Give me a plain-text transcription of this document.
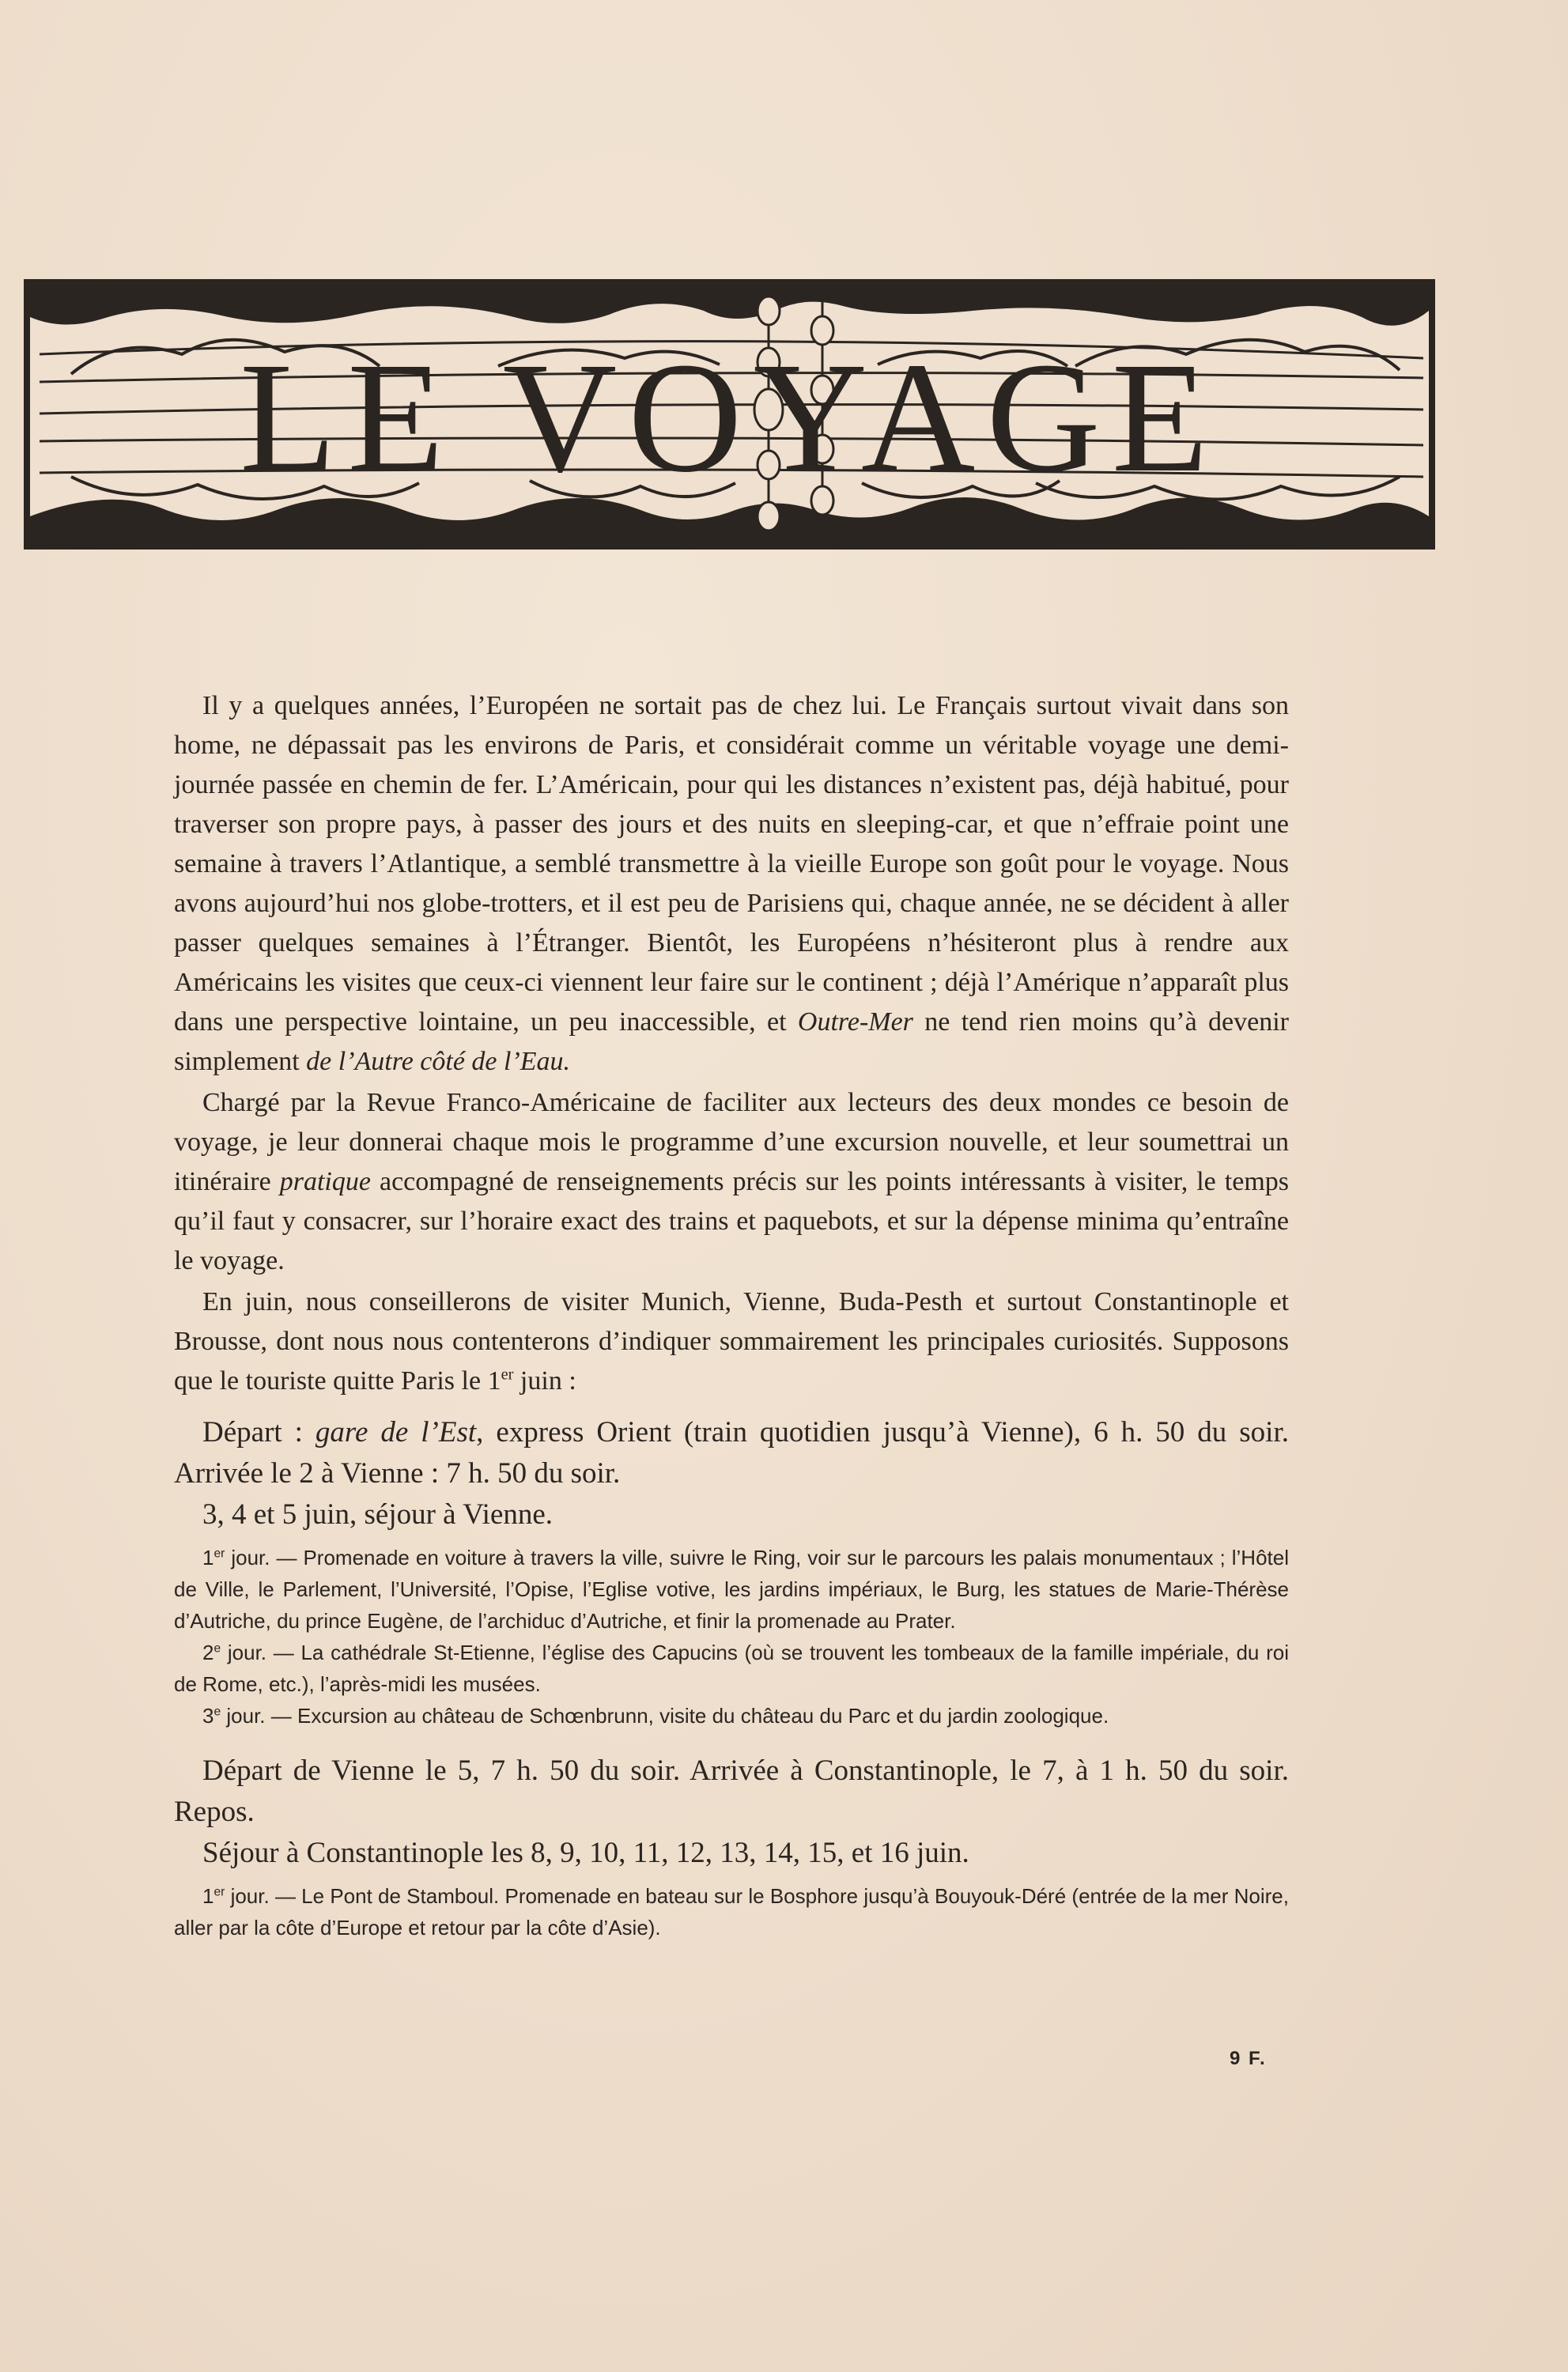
LE VOYAGE

Il y a quelques années, l’Européen ne sortait pas de chez lui. Le Français surtout vivait dans son home, ne dépassait pas les environs de Paris, et considérait comme un véritable voyage une demi-journée passée en chemin de fer. L’Américain, pour qui les distances n’existent pas, déjà habitué, pour traverser son propre pays, à passer des jours et des nuits en sleeping-car, et que n’effraie point une semaine à travers l’Atlantique, a semblé transmettre à la vieille Europe son goût pour le voyage. Nous avons aujourd’hui nos globe-trotters, et il est peu de Parisiens qui, chaque année, ne se décident à aller passer quelques semaines à l’Étranger. Bientôt, les Européens n’hésiteront plus à rendre aux Américains les visites que ceux-ci viennent leur faire sur le continent ; déjà l’Amérique n’apparaît plus dans une perspective lointaine, un peu inaccessible, et Outre-Mer ne tend rien moins qu’à devenir simplement de l’Autre côté de l’Eau.

Chargé par la Revue Franco-Américaine de faciliter aux lecteurs des deux mondes ce besoin de voyage, je leur donnerai chaque mois le programme d’une excursion nouvelle, et leur soumettrai un itinéraire pratique accompagné de renseignements précis sur les points intéressants à visiter, le temps qu’il faut y consacrer, sur l’horaire exact des trains et paquebots, et sur la dépense minima qu’entraîne le voyage.

En juin, nous conseillerons de visiter Munich, Vienne, Buda-Pesth et surtout Constantinople et Brousse, dont nous nous contenterons d’indiquer sommairement les principales curiosités. Supposons que le touriste quitte Paris le 1er juin :

Départ : gare de l’Est, express Orient (train quotidien jusqu’à Vienne), 6 h. 50 du soir. Arrivée le 2 à Vienne : 7 h. 50 du soir.

3, 4 et 5 juin, séjour à Vienne.

1er jour. — Promenade en voiture à travers la ville, suivre le Ring, voir sur le parcours les palais monumentaux ; l’Hôtel de Ville, le Parlement, l’Université, l’Opise, l’Eglise votive, les jardins impériaux, le Burg, les statues de Marie-Thérèse d’Autriche, du prince Eugène, de l’archiduc d’Autriche, et finir la promenade au Prater.

2e jour. — La cathédrale St-Etienne, l’église des Capucins (où se trouvent les tombeaux de la famille impériale, du roi de Rome, etc.), l’après-midi les musées.

3e jour. — Excursion au château de Schœnbrunn, visite du château du Parc et du jardin zoologique.

Départ de Vienne le 5, 7 h. 50 du soir. Arrivée à Constantinople, le 7, à 1 h. 50 du soir. Repos.

Séjour à Constantinople les 8, 9, 10, 11, 12, 13, 14, 15, et 16 juin.

1er jour. — Le Pont de Stamboul. Promenade en bateau sur le Bosphore jusqu’à Bouyouk-Déré (entrée de la mer Noire, aller par la côte d’Europe et retour par la côte d’Asie).

9 F.
